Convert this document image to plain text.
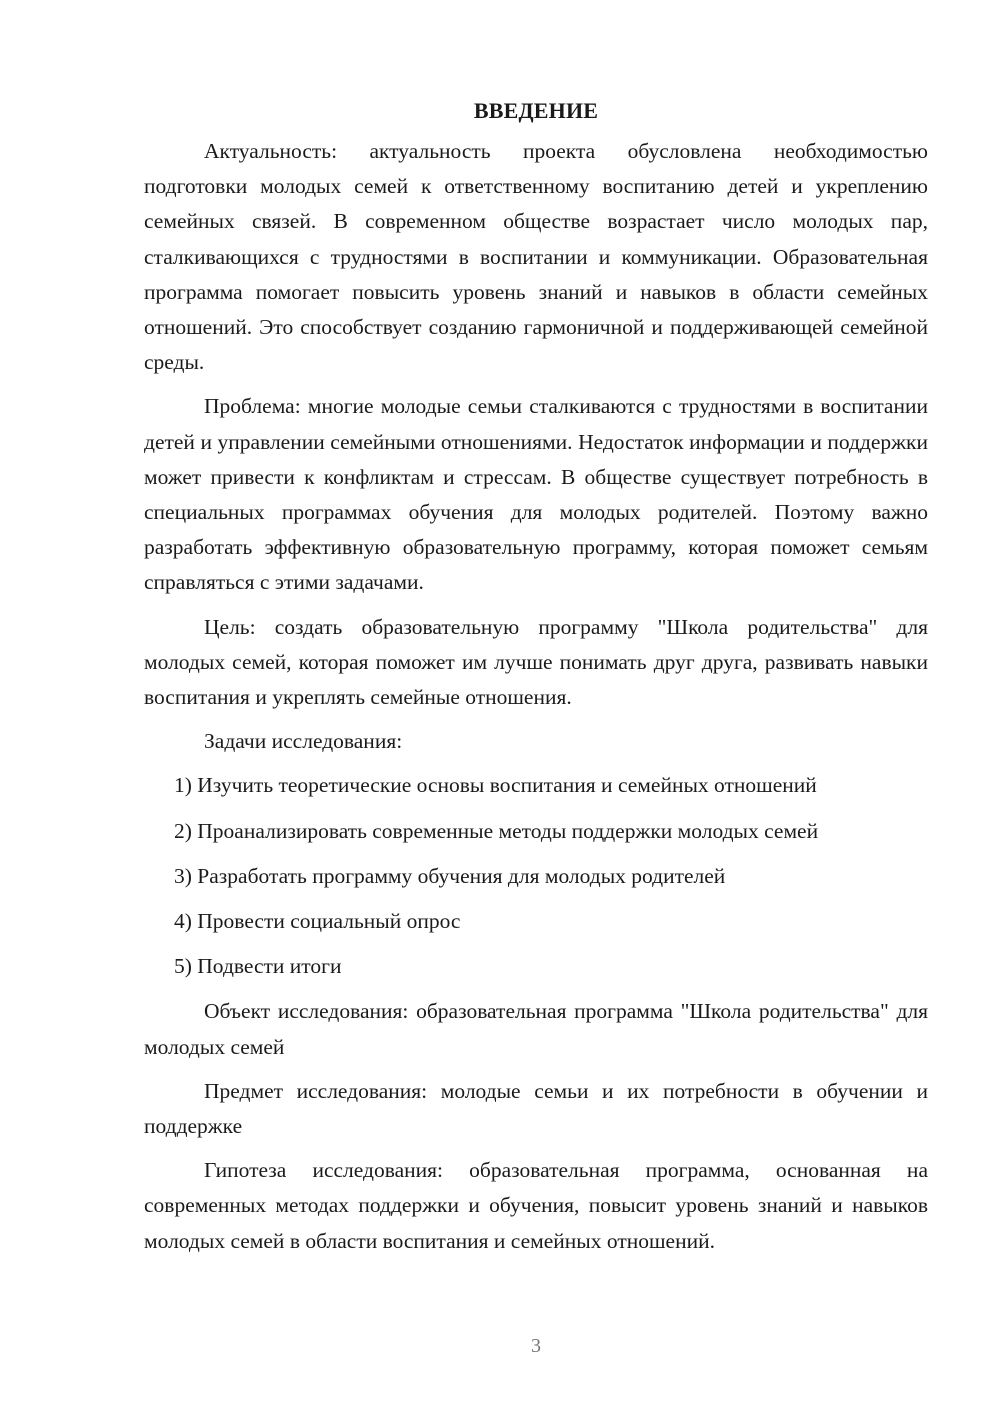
ВВЕДЕНИЕ

Актуальность: актуальность проекта обусловлена необходимостью подготовки молодых семей к ответственному воспитанию детей и укреплению семейных связей. В современном обществе возрастает число молодых пар, сталкивающихся с трудностями в воспитании и коммуникации. Образовательная программа помогает повысить уровень знаний и навыков в области семейных отношений. Это способствует созданию гармоничной и поддерживающей семейной среды.

Проблема: многие молодые семьи сталкиваются с трудностями в воспитании детей и управлении семейными отношениями. Недостаток информации и поддержки может привести к конфликтам и стрессам. В обществе существует потребность в специальных программах обучения для молодых родителей. Поэтому важно разработать эффективную образовательную программу, которая поможет семьям справляться с этими задачами.

Цель: создать образовательную программу "Школа родительства" для молодых семей, которая поможет им лучше понимать друг друга, развивать навыки воспитания и укреплять семейные отношения.

Задачи исследования:

1) Изучить теоретические основы воспитания и семейных отношений
2) Проанализировать современные методы поддержки молодых семей
3) Разработать программу обучения для молодых родителей
4) Провести социальный опрос
5) Подвести итоги

Объект исследования: образовательная программа "Школа родительства" для молодых семей

Предмет исследования: молодые семьи и их потребности в обучении и поддержке

Гипотеза исследования: образовательная программа, основанная на современных методах поддержки и обучения, повысит уровень знаний и навыков молодых семей в области воспитания и семейных отношений.

3
